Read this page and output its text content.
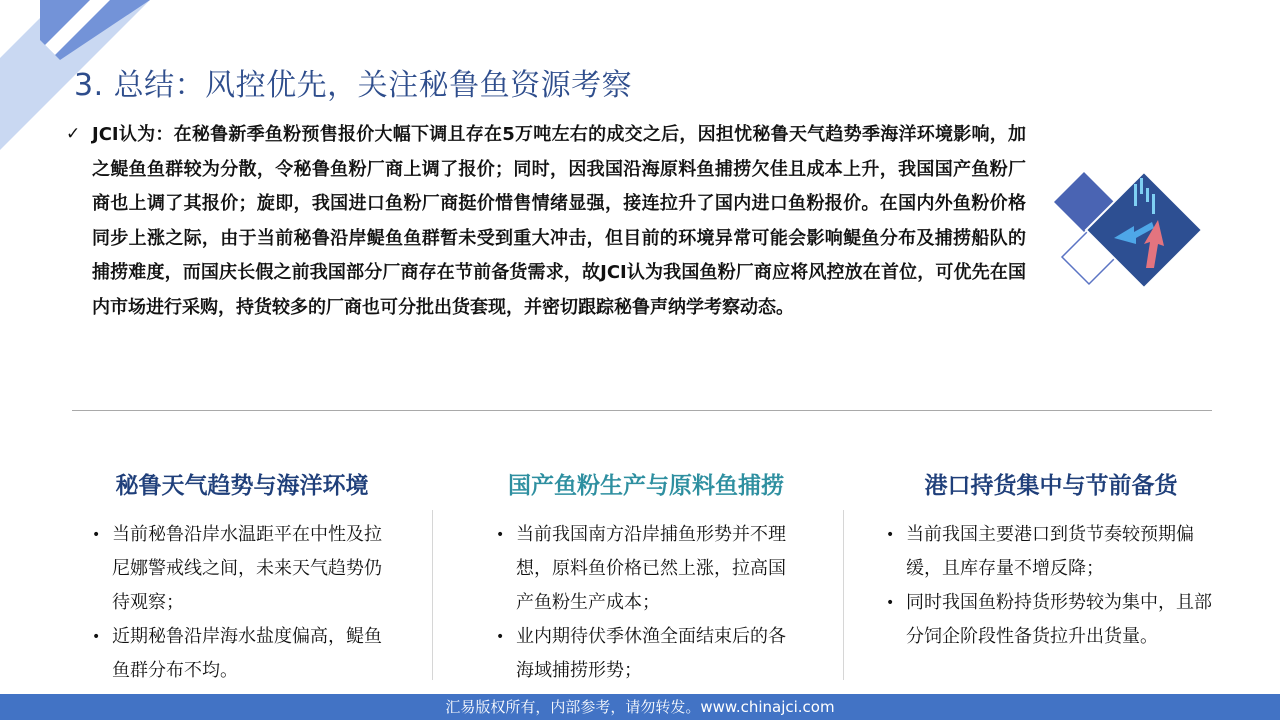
3. 总结：风控优先，关注秘鲁鱼资源考察
✓ JCI认为：在秘鲁新季鱼粉预售报价大幅下调且存在5万吨左右的成交之后，因担忧秘鲁天气趋势季海洋环境影响，加之鳀鱼鱼群较为分散，令秘鲁鱼粉厂商上调了报价；同时，因我国沿海原料鱼捕捞欠佳且成本上升，我国国产鱼粉厂商也上调了其报价；旋即，我国进口鱼粉厂商挺价惜售情绪显强，接连拉升了国内进口鱼粉报价。在国内外鱼粉价格同步上涨之际，由于当前秘鲁沿岸鳀鱼鱼群暂未受到重大冲击，但目前的环境异常可能会影响鳀鱼分布及捕捞船队的捕捞难度，而国庆长假之前我国部分厂商存在节前备货需求，故JCI认为我国鱼粉厂商应将风控放在首位，可优先在国内市场进行采购，持货较多的厂商也可分批出货套现，并密切跟踪秘鲁声纳学考察动态。
秘鲁天气趋势与海洋环境
• 当前秘鲁沿岸水温距平在中性及拉尼娜警戒线之间，未来天气趋势仍待观察；
• 近期秘鲁沿岸海水盐度偏高，鳀鱼鱼群分布不均。
国产鱼粉生产与原料鱼捕捞
• 当前我国南方沿岸捕鱼形势并不理想，原料鱼价格已然上涨，拉高国产鱼粉生产成本；
• 业内期待伏季休渔全面结束后的各海域捕捞形势；
港口持货集中与节前备货
• 当前我国主要港口到货节奏较预期偏缓，且库存量不增反降；
• 同时我国鱼粉持货形势较为集中，且部分饲企阶段性备货拉升出货量。
汇易版权所有，内部参考，请勿转发。www.chinajci.com
